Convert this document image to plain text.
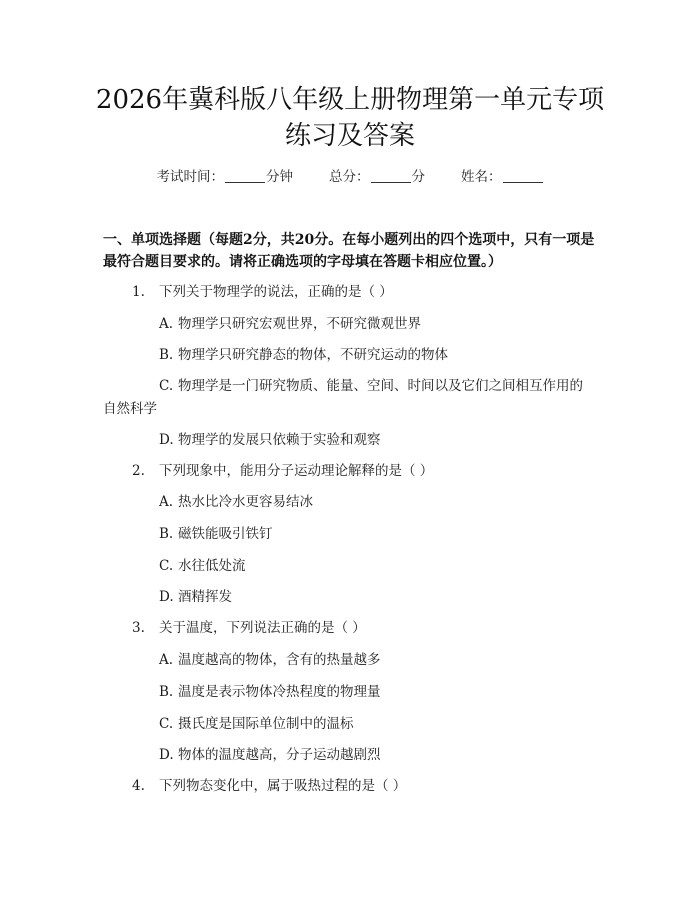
2026年冀科版八年级上册物理第一单元专项
练习及答案
考试时间：	分钟	总分：	分	姓名：
一、单项选择题（每题2分，共20分。在每小题列出的四个选项中，只有一项是
最符合题目要求的。请将正确选项的字母填在答题卡相应位置。）
1. 下列关于物理学的说法，正确的是（ ）
A. 物理学只研究宏观世界，不研究微观世界
B. 物理学只研究静态的物体，不研究运动的物体
C. 物理学是一门研究物质、能量、空间、时间以及它们之间相互作用的
自然科学
D. 物理学的发展只依赖于实验和观察
2. 下列现象中，能用分子运动理论解释的是（ ）
A. 热水比冷水更容易结冰
B. 磁铁能吸引铁钉
C. 水往低处流
D. 酒精挥发
3. 关于温度，下列说法正确的是（ ）
A. 温度越高的物体，含有的热量越多
B. 温度是表示物体冷热程度的物理量
C. 摄氏度是国际单位制中的温标
D. 物体的温度越高，分子运动越剧烈
4. 下列物态变化中，属于吸热过程的是（ ）
